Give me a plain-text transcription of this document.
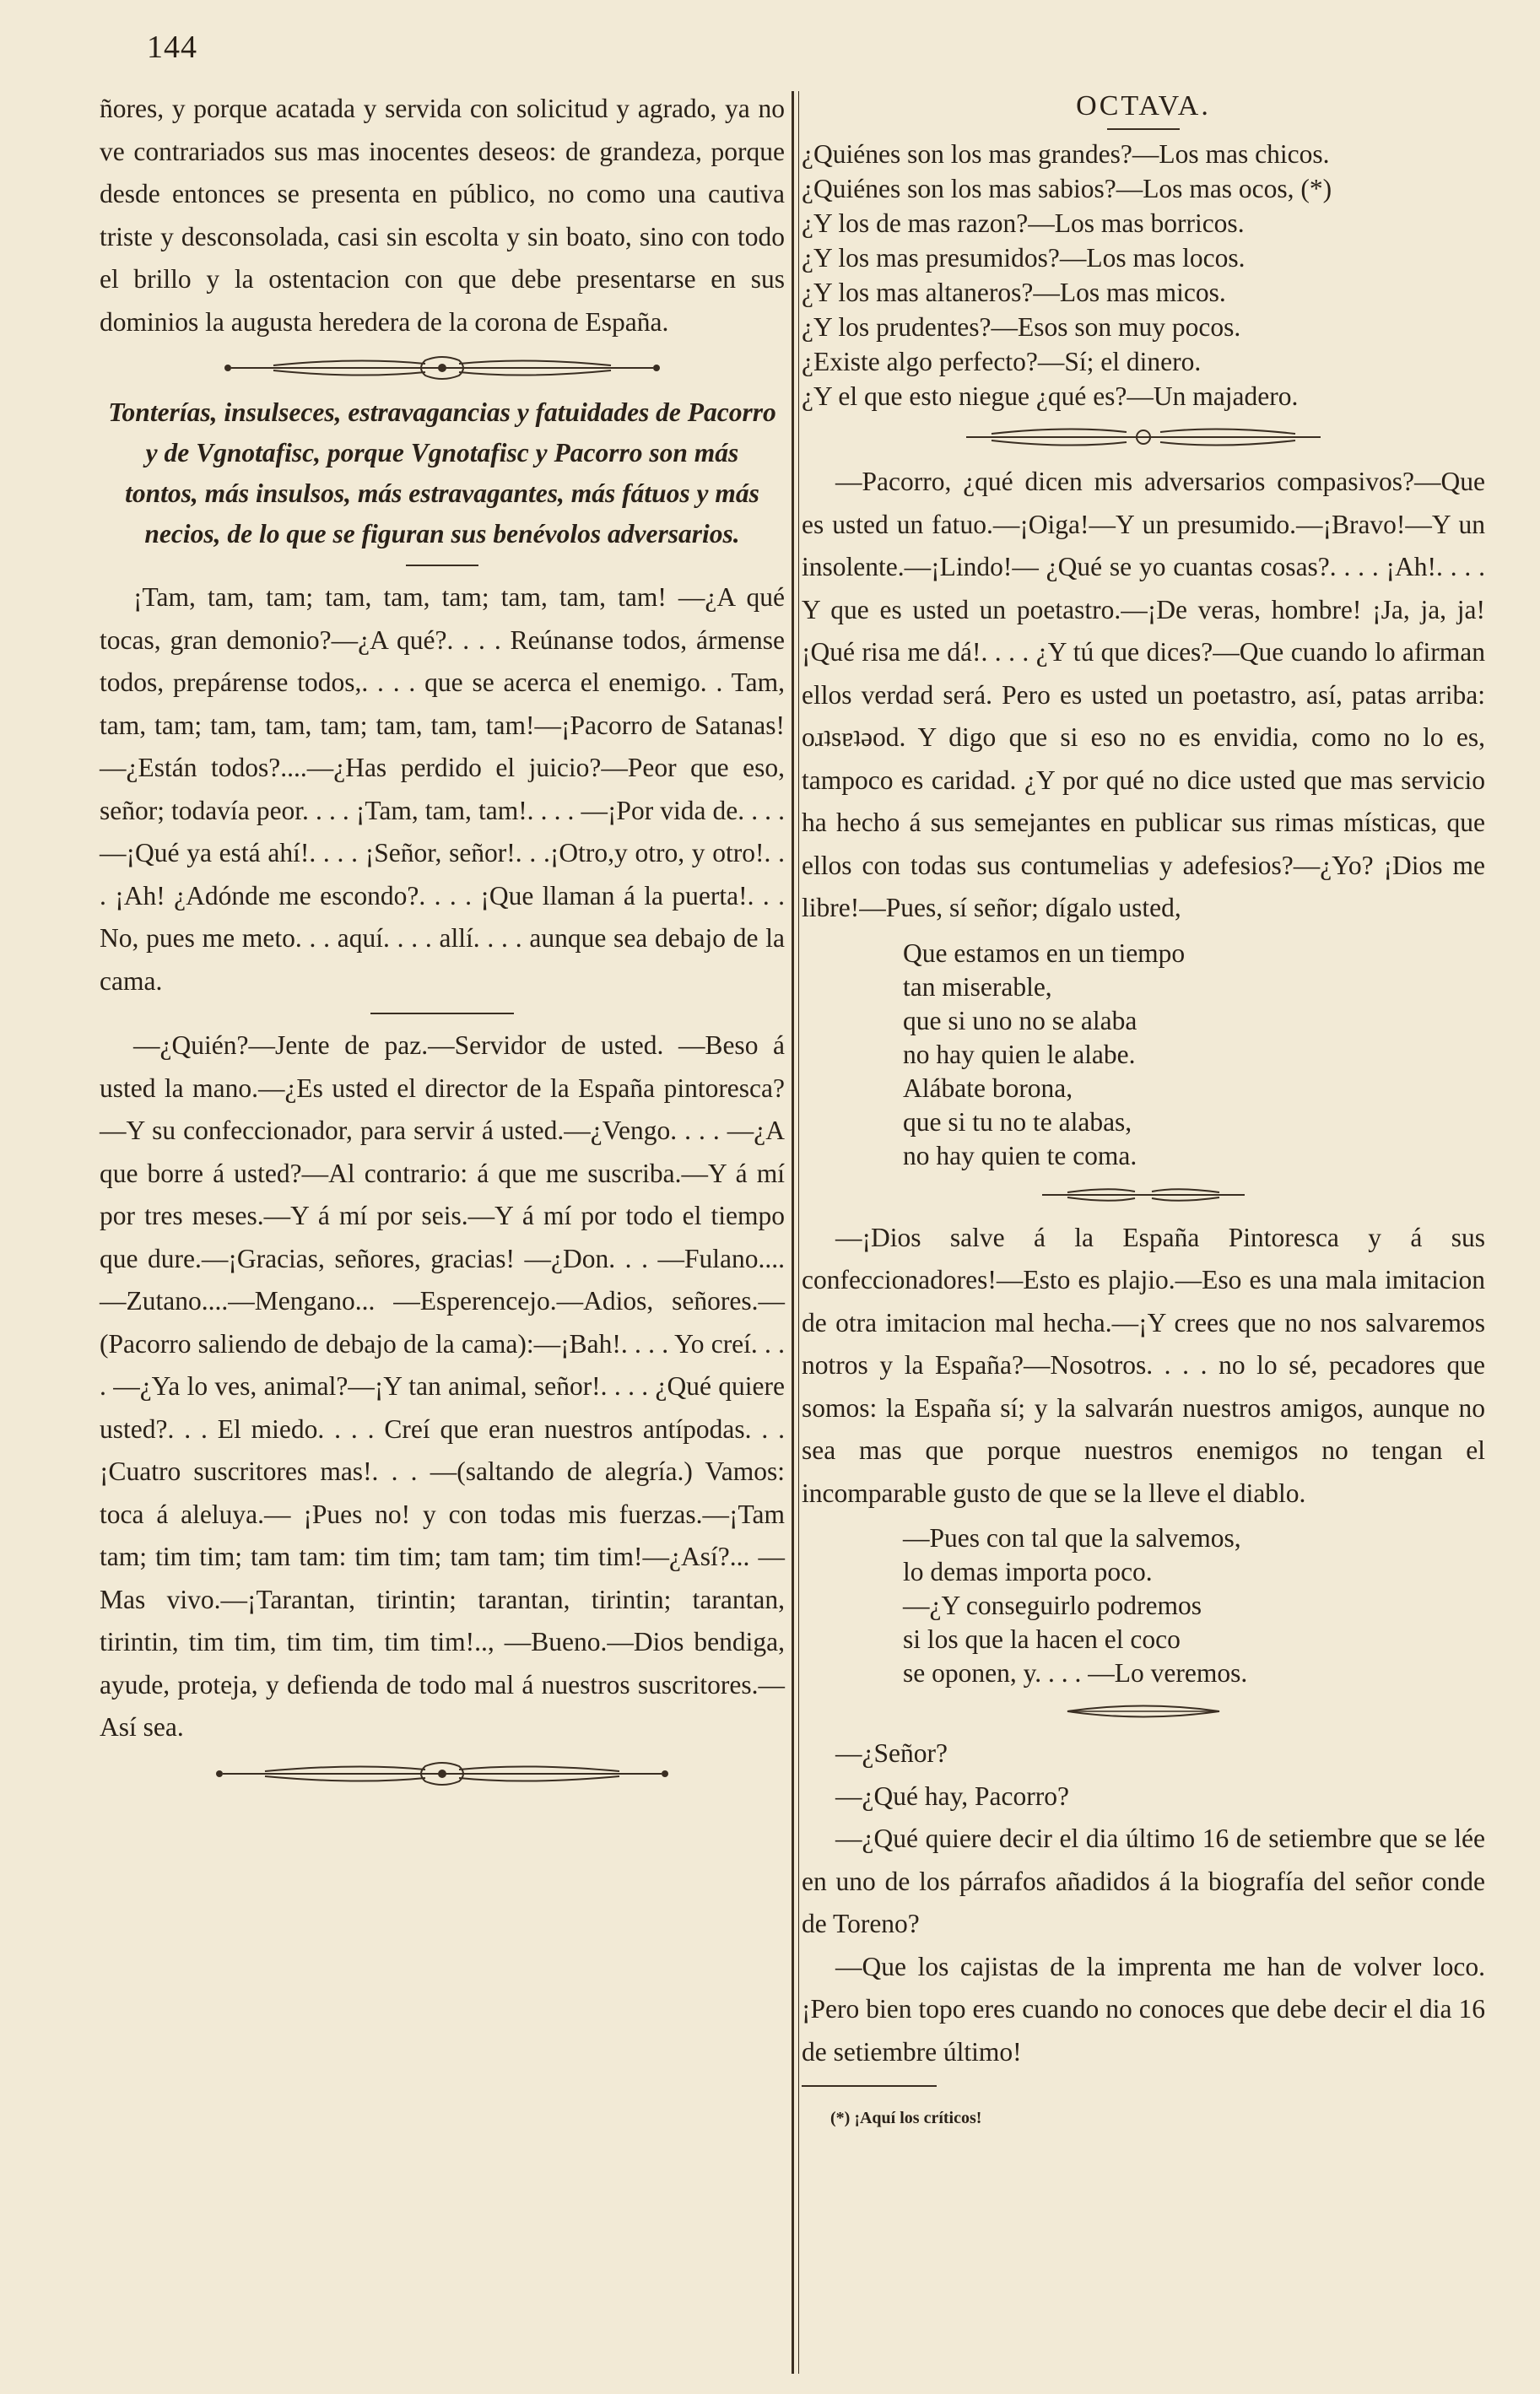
144

ñores, y porque acatada y servida con solicitud y agrado, ya no ve contrariados sus mas inocentes deseos: de grandeza, porque desde entonces se presenta en público, no como una cautiva triste y desconsolada, casi sin escolta y sin boato, sino con todo el brillo y la ostentacion con que debe presentarse en sus dominios la augusta heredera de la corona de España.

Tonterías, insulseces, estravagancias y fatuidades de Pacorro y de Vgnotafisc, porque Vgnotafisc y Pacorro son más tontos, más insulsos, más estravagantes, más fátuos y más necios, de lo que se figuran sus benévolos adversarios.

¡Tam, tam, tam; tam, tam, tam; tam, tam, tam! —¿A qué tocas, gran demonio?—¿A qué?. . . . Reúnanse todos, ármense todos, prepárense todos,. . . . que se acerca el enemigo. . Tam, tam, tam; tam, tam, tam; tam, tam, tam!—¡Pacorro de Satanas!—¿Están todos?....—¿Has perdido el juicio?—Peor que eso, señor; todavía peor. . . . ¡Tam, tam, tam!. . . . —¡Por vida de. . . . —¡Qué ya está ahí!. . . . ¡Señor, señor!. . .¡Otro,y otro, y otro!. . . ¡Ah! ¿Adónde me escondo?. . . . ¡Que llaman á la puerta!. . . No, pues me meto. . . aquí. . . . allí. . . . aunque sea debajo de la cama.

—¿Quién?—Jente de paz.—Servidor de usted. —Beso á usted la mano.—¿Es usted el director de la España pintoresca?—Y su confeccionador, para servir á usted.—¿Vengo. . . . —¿A que borre á usted?—Al contrario: á que me suscriba.—Y á mí por tres meses.—Y á mí por seis.—Y á mí por todo el tiempo que dure.—¡Gracias, señores, gracias! —¿Don. . . —Fulano....—Zutano....—Mengano... —Esperencejo.—Adios, señores.—(Pacorro saliendo de debajo de la cama):—¡Bah!. . . . Yo creí. . . . —¿Ya lo ves, animal?—¡Y tan animal, señor!. . . . ¿Qué quiere usted?. . . El miedo. . . . Creí que eran nuestros antípodas. . . ¡Cuatro suscritores mas!. . . —(saltando de alegría.) Vamos: toca á aleluya.— ¡Pues no! y con todas mis fuerzas.—¡Tam tam; tim tim; tam tam: tim tim; tam tam; tim tim!—¿Así?... —Mas vivo.—¡Tarantan, tirintin; tarantan, tirintin; tarantan, tirintin, tim tim, tim tim, tim tim!.., —Bueno.—Dios bendiga, ayude, proteja, y defienda de todo mal á nuestros suscritores.—Así sea.

OCTAVA.

¿Quiénes son los mas grandes?—Los mas chicos.
¿Quiénes son los mas sabios?—Los mas ocos, (*)
¿Y los de mas razon?—Los mas borricos.
¿Y los mas presumidos?—Los mas locos.
¿Y los mas altaneros?—Los mas micos.
¿Y los prudentes?—Esos son muy pocos.
¿Existe algo perfecto?—Sí; el dinero.
¿Y el que esto niegue ¿qué es?—Un majadero.

—Pacorro, ¿qué dicen mis adversarios compasivos?—Que es usted un fatuo.—¡Oiga!—Y un presumido.—¡Bravo!—Y un insolente.—¡Lindo!— ¿Qué se yo cuantas cosas?. . . . ¡Ah!. . . . Y que es usted un poetastro.—¡De veras, hombre! ¡Ja, ja, ja! ¡Qué risa me dá!. . . . ¿Y tú que dices?—Que cuando lo afirman ellos verdad será. Pero es usted un poetastro, así, patas arriba: oɹʇsɐʇǝod. Y digo que si eso no es envidia, como no lo es, tampoco es caridad. ¿Y por qué no dice usted que mas servicio ha hecho á sus semejantes en publicar sus rimas místicas, que ellos con todas sus contumelias y adefesios?—¿Yo? ¡Dios me libre!—Pues, sí señor; dígalo usted,

Que estamos en un tiempo
tan miserable,
que si uno no se alaba
no hay quien le alabe.
Alábate borona,
que si tu no te alabas,
no hay quien te coma.

—¡Dios salve á la España Pintoresca y á sus confeccionadores!—Esto es plajio.—Eso es una mala imitacion de otra imitacion mal hecha.—¡Y crees que no nos salvaremos notros y la España?—Nosotros. . . . no lo sé, pecadores que somos: la España sí; y la salvarán nuestros amigos, aunque no sea mas que porque nuestros enemigos no tengan el incomparable gusto de que se la lleve el diablo.

—Pues con tal que la salvemos,
lo demas importa poco.
—¿Y conseguirlo podremos
si los que la hacen el coco
se oponen, y. . . . —Lo veremos.

—¿Señor?

—¿Qué hay, Pacorro?

—¿Qué quiere decir el dia último 16 de setiembre que se lée en uno de los párrafos añadidos á la biografía del señor conde de Toreno?

—Que los cajistas de la imprenta me han de volver loco. ¡Pero bien topo eres cuando no conoces que debe decir el dia 16 de setiembre último!

(*) ¡Aquí los críticos!
